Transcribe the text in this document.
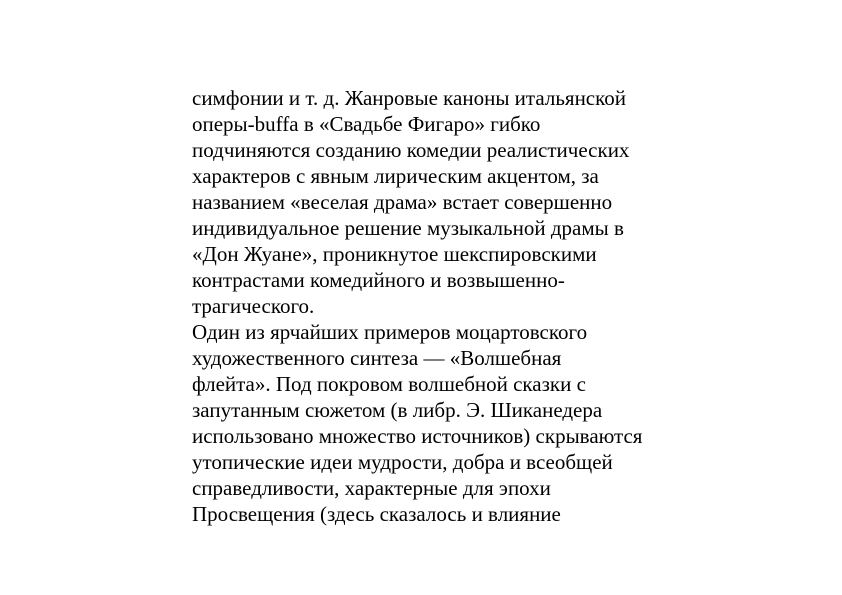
симфонии и т. д. Жанровые каноны итальянской
оперы-buffa в «Свадьбе Фигаро» гибко
подчиняются созданию комедии реалистических
характеров с явным лирическим акцентом, за
названием «веселая драма» встает совершенно
индивидуальное решение музыкальной драмы в
«Дон Жуане», проникнутое шекспировскими
контрастами комедийного и возвышенно-
трагического.
Один из ярчайших примеров моцартовского
художественного синтеза — «Волшебная
флейта». Под покровом волшебной сказки с
запутанным сюжетом (в либр. Э. Шиканедера
использовано множество источников) скрываются
утопические идеи мудрости, добра и всеобщей
справедливости, характерные для эпохи
Просвещения (здесь сказалось и влияние
